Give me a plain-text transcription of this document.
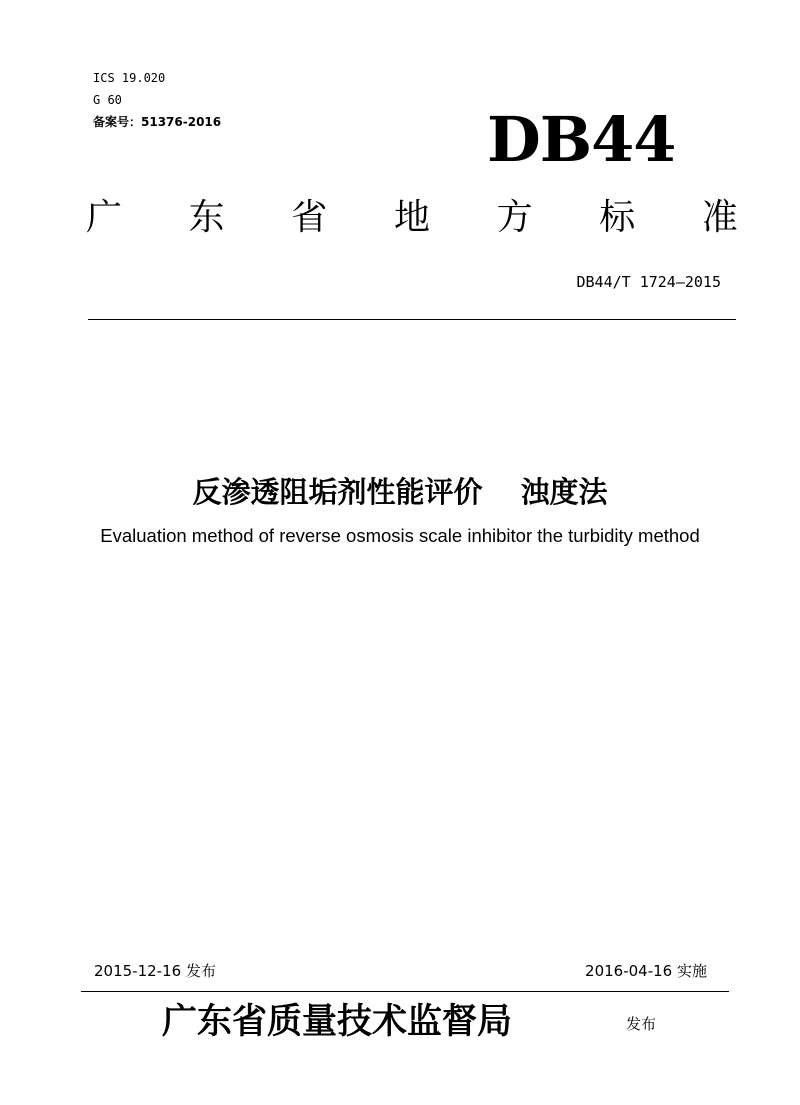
ICS 19.020
G 60
备案号：51376-2016	DB44
广 东 省 地 方 标 准
DB44/T 1724—2015
反渗透阻垢剂性能评价 浊度法
Evaluation method of reverse osmosis scale inhibitor the turbidity method
2015-12-16 发布	2016-04-16 实施
广东省质量技术监督局	发布
